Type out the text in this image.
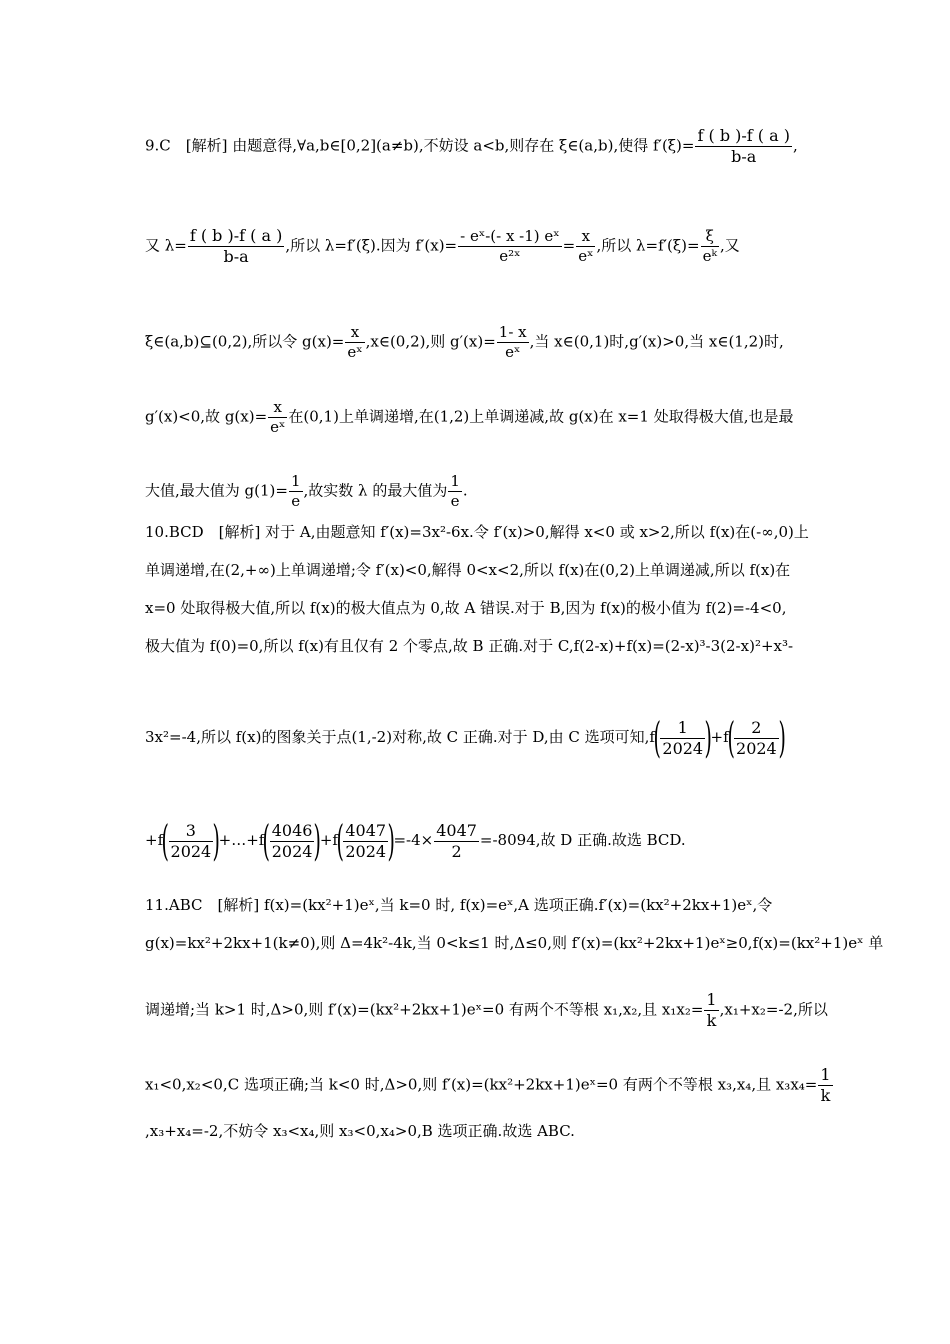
9.C　[解析] 由题意得,∀a,b∈[0,2](a≠b),不妨设 a<b,则存在 ξ∈(a,b),使得 $f'(\xi)= \frac{f ( b )-f ( a )}{b-a}$ ,
又 $\lambda= \frac{f ( b )-f ( a )}{b-a}$ ,所以 λ=f′(ξ).因为 $f'(x)= \frac{\text{- eˣ-(- x -1) eˣ}}{\text{e²ˣ}} = \frac{x}{\text{eˣ}}$ ,所以 $\lambda=f'(\xi)= \frac{\xi}{\text{eᵏ}}$ ,又
ξ∈(a,b)⊆(0,2),所以令 $g(x)= \frac{x}{\text{eˣ}}$ ,x∈(0,2),则 $g'(x)= \frac{1- x}{\text{eˣ}}$ ,当 x∈(0,1)时,g′(x)>0,当 x∈(1,2)时,
g′(x)<0,故 $g(x)= \frac{x}{\text{eˣ}}$ 在(0,1)上单调递增,在(1,2)上单调递减,故 g(x)在 x=1 处取得极大值,也是最
大值,最大值为 $g(1)= \frac{1}{e}$ ,故实数 λ 的最大值为 $\frac{1}{e}$ .
10.BCD　[解析] 对于 A,由题意知 f′(x)=3x²-6x.令 f′(x)>0,解得 x<0 或 x>2,所以 f(x)在(-∞,0)上
单调递增,在(2,+∞)上单调递增;令 f′(x)<0,解得 0<x<2,所以 f(x)在(0,2)上单调递减,所以 f(x)在
x=0 处取得极大值,所以 f(x)的极大值点为 0,故 A 错误.对于 B,因为 f(x)的极小值为 f(2)=-4<0,
极大值为 f(0)=0,所以 f(x)有且仅有 2 个零点,故 B 正确.对于 C,f(2-x)+f(x)=(2-x)³-3(2-x)²+x³-
3x²=-4,所以 f(x)的图象关于点(1,-2)对称,故 C 正确.对于 D,由 C 选项可知$,f( \frac{1}{2024} )+f( \frac{2}{2024}$ )
$+f( \frac{3}{2024}$ )+…+f( $\frac{4046}{2024} )+f( \frac{4047}{2024} )=-4\times \frac{4047}{2} =-8094$,故 D 正确.故选 BCD.
11.ABC　[解析] f(x)=(kx²+1)eˣ,当 k=0 时, f(x)=eˣ,A 选项正确.f′(x)=(kx²+2kx+1)eˣ,令
g(x)=kx²+2kx+1(k≠0),则 Δ=4k²-4k,当 0<k≤1 时,Δ≤0,则 f′(x)=(kx²+2kx+1)eˣ≥0,f(x)=(kx²+1)eˣ 单
调递增;当 k>1 时,Δ>0,则 f′(x)=(kx²+2kx+1)eˣ=0 有两个不等根 x₁,x₂,且 $x_1x_2= \frac{1}{k} ,x_1+x_2=-2$,所以
x₁<0,x₂<0,C 选项正确;当 k<0 时,Δ>0,则 f′(x)=(kx²+2kx+1)eˣ=0 有两个不等根 x₃,x₄,且 $x_3x_4= \frac{1}{k}$
,x₃+x₄=-2,不妨令 x₃<x₄,则 x₃<0,x₄>0,B 选项正确.故选 ABC.
